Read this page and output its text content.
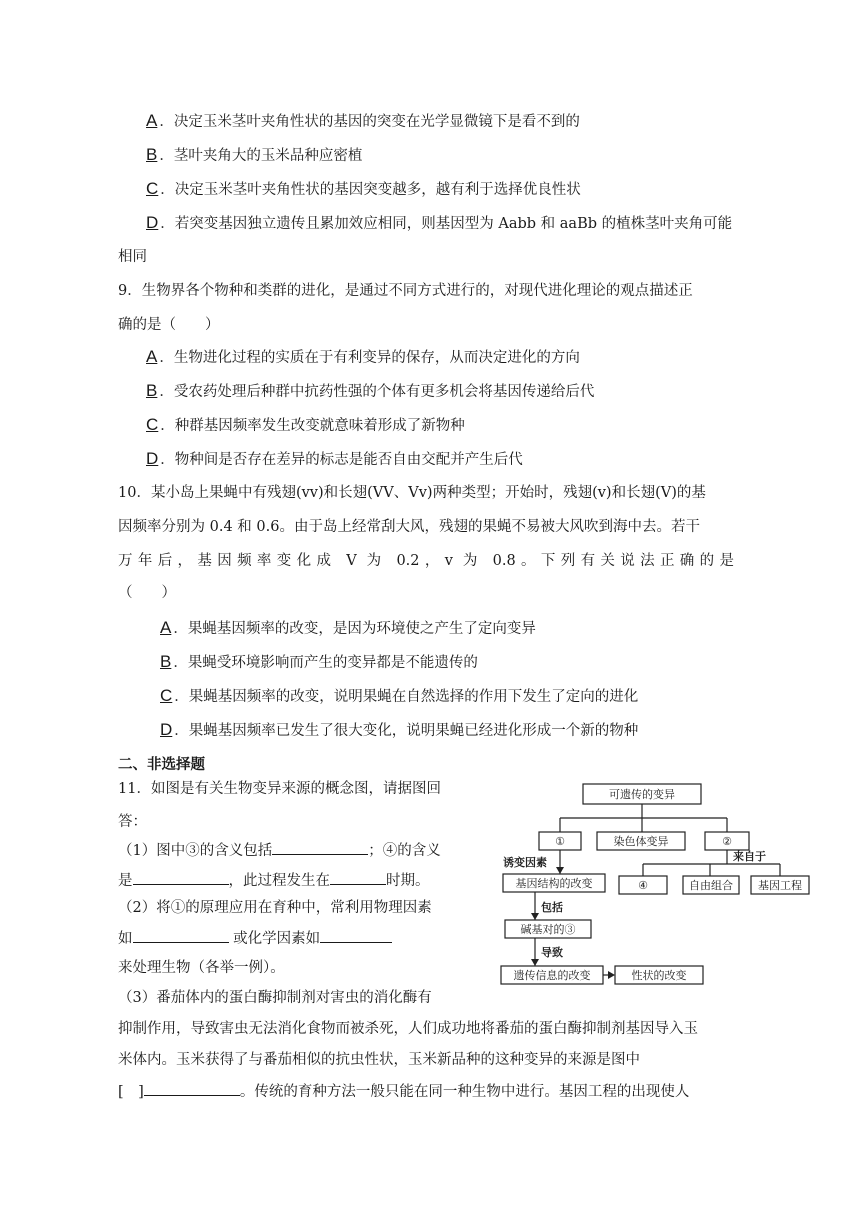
A ．决定玉米茎叶夹角性状的基因的突变在光学显微镜下是看不到的
B ．茎叶夹角大的玉米品种应密植
C ．决定玉米茎叶夹角性状的基因突变越多，越有利于选择优良性状
D ．若突变基因独立遗传且累加效应相同，则基因型为 Aabb 和 aaBb 的植株茎叶夹角可能
相同
9．生物界各个物种和类群的进化，是通过不同方式进行的，对现代进化理论的观点描述正
确的是（　　）
A ．生物进化过程的实质在于有利变异的保存，从而决定进化的方向
B ．受农药处理后种群中抗药性强的个体有更多机会将基因传递给后代
C ．种群基因频率发生改变就意味着形成了新物种
D ．物种间是否存在差异的标志是能否自由交配并产生后代
10．某小岛上果蝇中有残翅(vv)和长翅(VV、Vv)两种类型；开始时，残翅(v)和长翅(V)的基
因频率分别为 0.4 和 0.6。由于岛上经常刮大风，残翅的果蝇不易被大风吹到海中去。若干
万年后，基因频率变化成 V 为 0.2，v 为 0.8。下列有关说法正确的是
（　　）
A ．果蝇基因频率的改变，是因为环境使之产生了定向变异
B ．果蝇受环境影响而产生的变异都是不能遗传的
C ．果蝇基因频率的改变，说明果蝇在自然选择的作用下发生了定向的进化
D ．果蝇基因频率已发生了很大变化，说明果蝇已经进化形成一个新的物种
二、非选择题
11．如图是有关生物变异来源的概念图，请据图回
答：
（1）图中③的含义包括	；④的含义
是	，此过程发生在	时期。
（2）将①的原理应用在育种中，常利用物理因素
如	或化学因素如
来处理生物（各举一例）。
（3）番茄体内的蛋白酶抑制剂对害虫的消化酶有
抑制作用，导致害虫无法消化食物而被杀死，人们成功地将番茄的蛋白酶抑制剂基因导入玉
米体内。玉米获得了与番茄相似的抗虫性状，玉米新品种的这种变异的来源是图中
[　]	。传统的育种方法一般只能在同一种生物中进行。基因工程的出现使人
可遗传的变异
①	染色体变异	②
诱变因素	来自于
基因结构的改变	④	自由组合 基因工程
包括
碱基对的③
导致
遗传信息的改变	性状的改变
